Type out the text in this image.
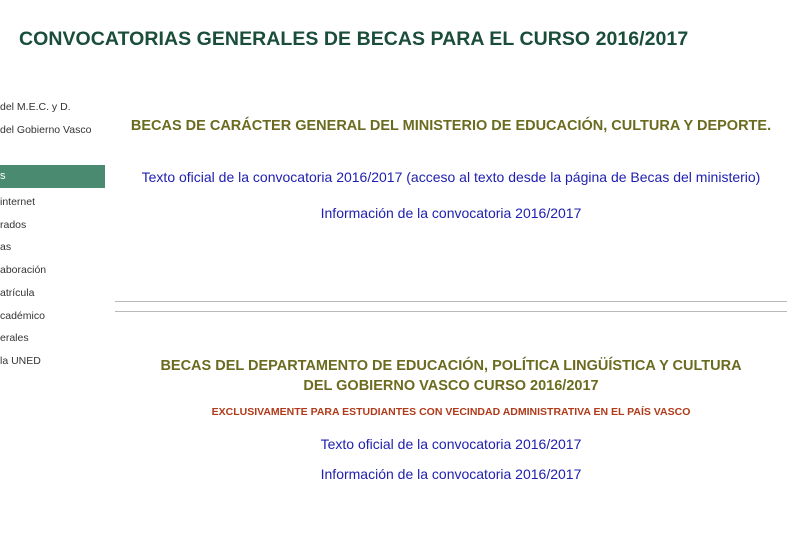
CONVOCATORIAS GENERALES DE BECAS PARA EL CURSO 2016/2017
del M.E.C. y D.
del Gobierno Vasco
s
internet
rados
as
aboración
atrícula
cadémico
erales
la UNED
BECAS DE CARÁCTER GENERAL DEL MINISTERIO DE EDUCACIÓN, CULTURA Y DEPORTE.
Texto oficial de la convocatoria 2016/2017 (acceso al texto desde la página de Becas del ministerio)
Información de la convocatoria 2016/2017
BECAS DEL DEPARTAMENTO DE EDUCACIÓN, POLÍTICA LINGÜÍSTICA Y CULTURA DEL GOBIERNO VASCO CURSO 2016/2017

EXCLUSIVAMENTE PARA ESTUDIANTES CON VECINDAD ADMINISTRATIVA EN EL PAÍS VASCO

Texto oficial de la convocatoria 2016/2017
Información de la convocatoria 2016/2017
